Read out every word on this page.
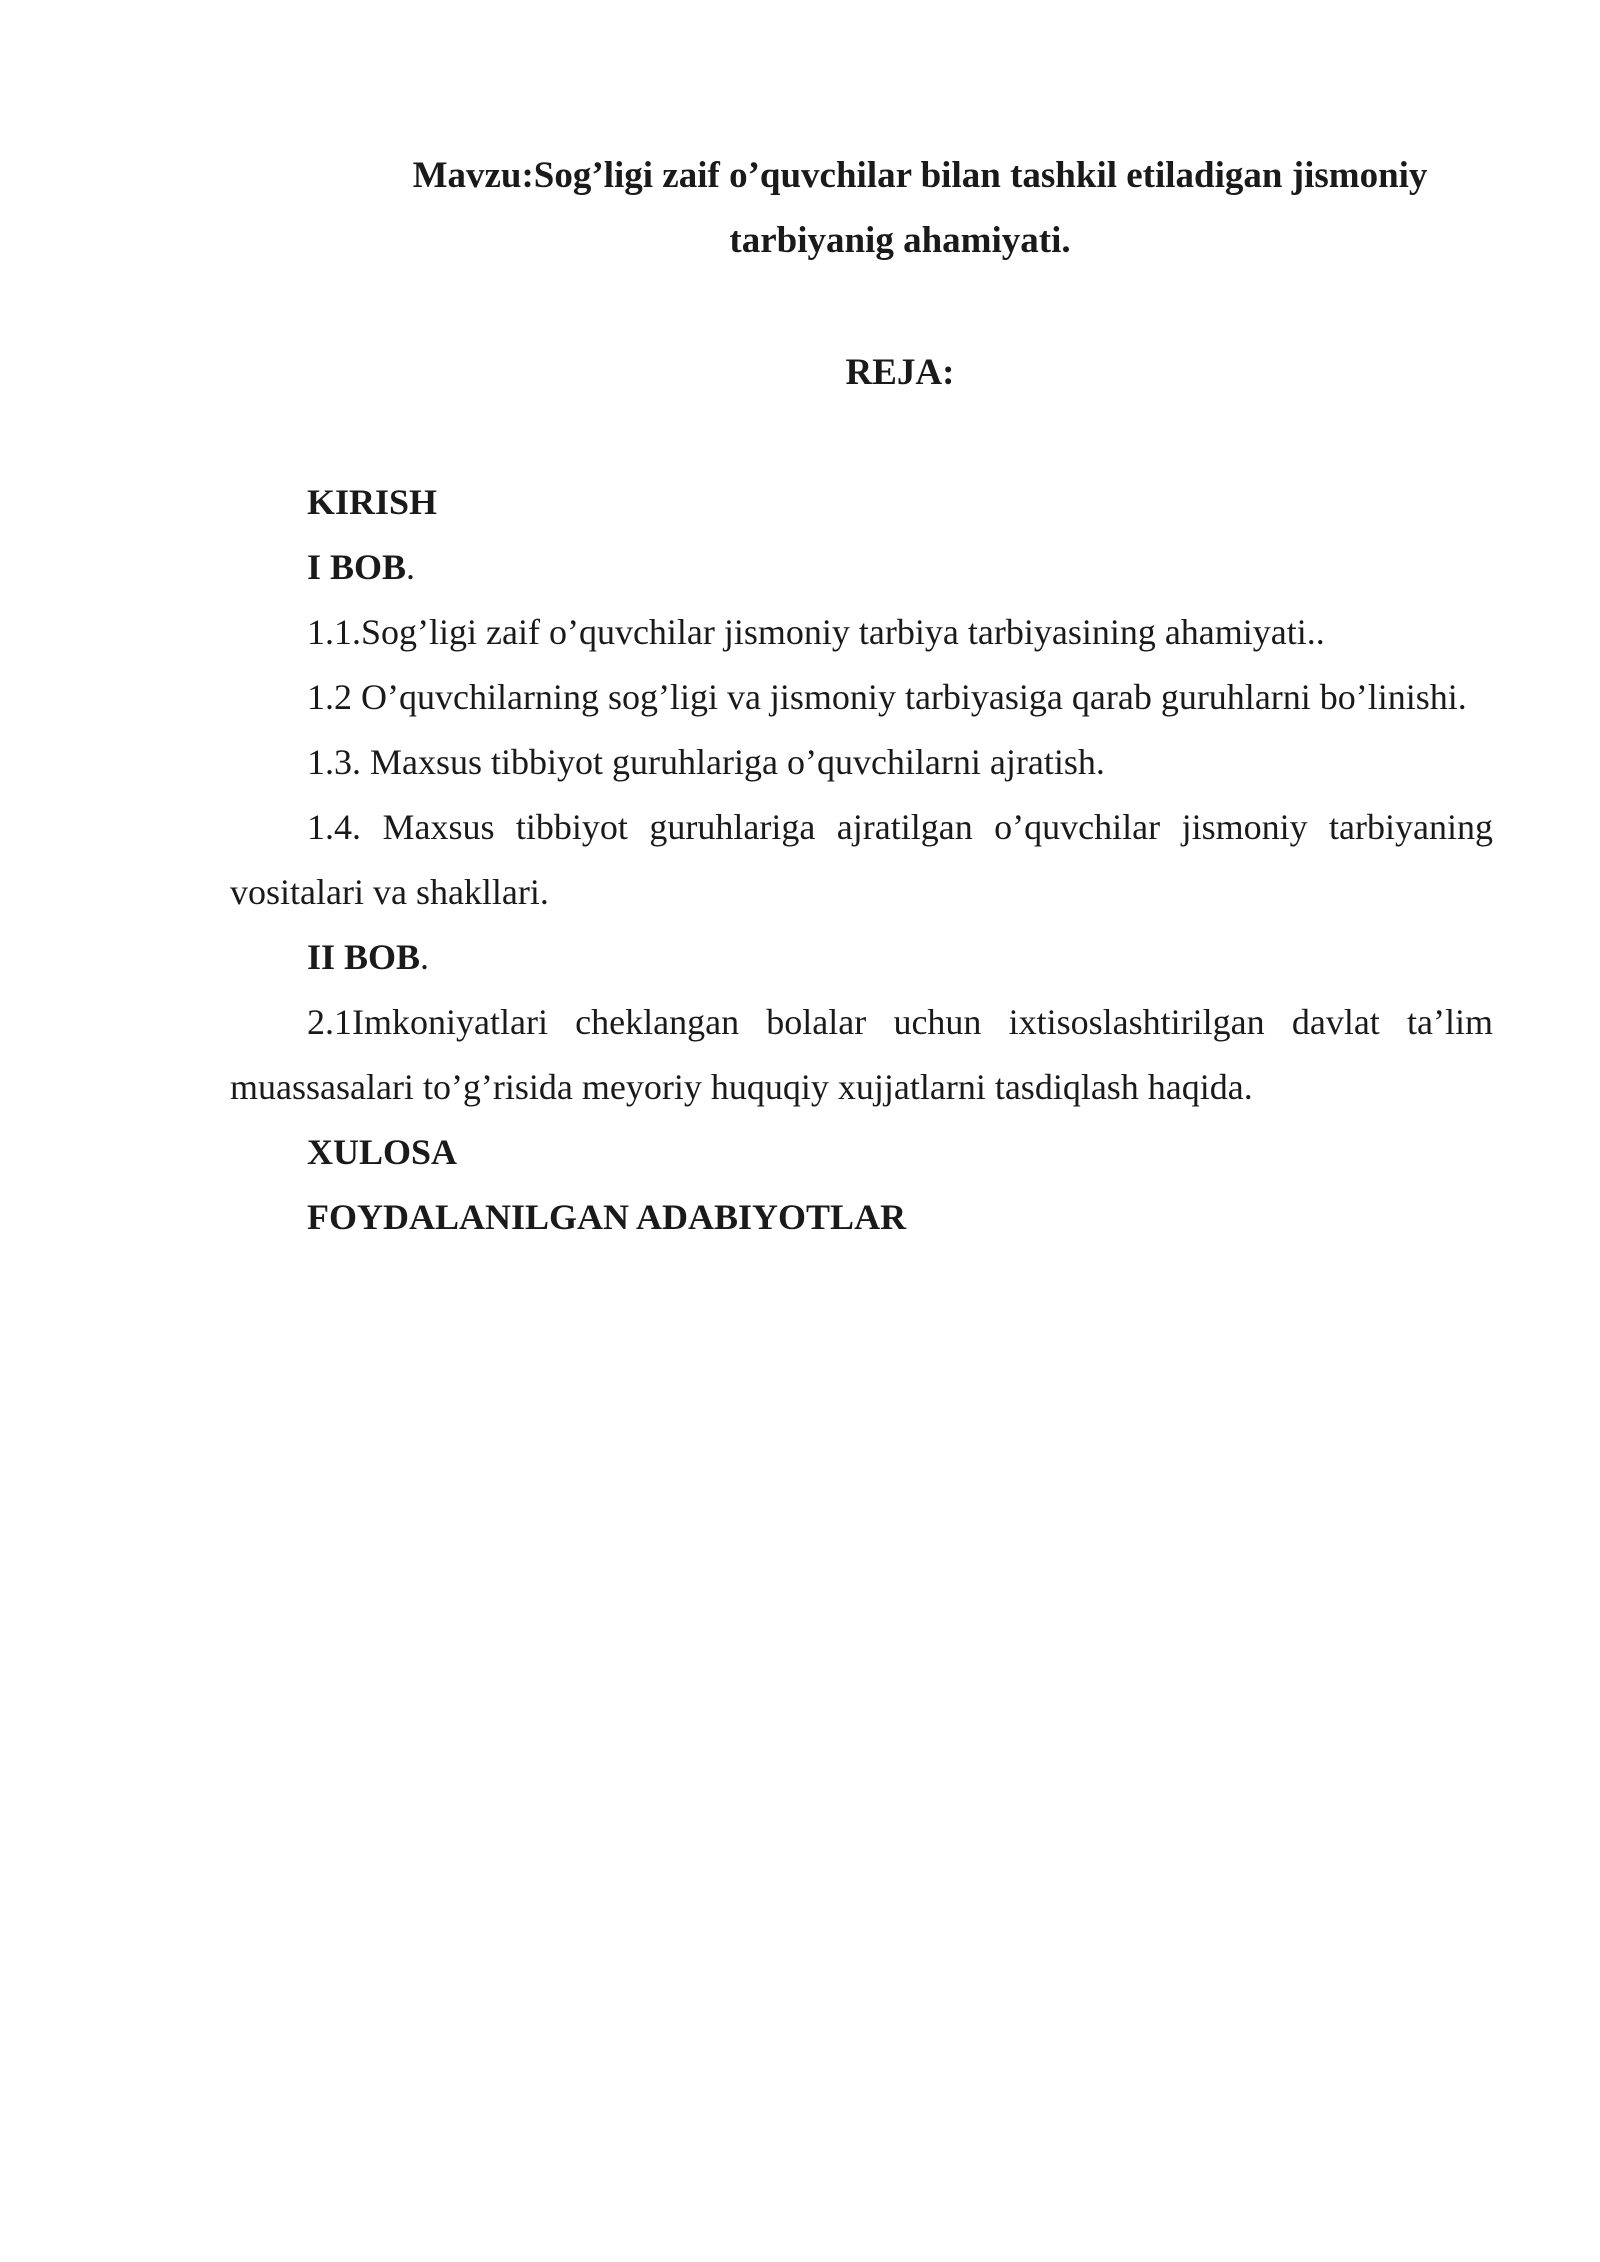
Mavzu:Sog’ligi zaif o’quvchilar bilan tashkil etiladigan jismoniy
tarbiyanig ahamiyati.
REJA:

KIRISH

I BOB.

1.1.Sog’ligi zaif o’quvchilar jismoniy tarbiya tarbiyasining ahamiyati..

1.2 O’quvchilarning sog’ligi va jismoniy tarbiyasiga qarab guruhlarni bo’linishi.

1.3. Maxsus tibbiyot guruhlariga o’quvchilarni ajratish.

1.4. Maxsus tibbiyot guruhlariga ajratilgan o’quvchilar jismoniy tarbiyaning vositalari va shakllari.

II BOB.

2.1Imkoniyatlari cheklangan bolalar uchun ixtisoslashtirilgan davlat ta’lim muassasalari to’g’risida meyoriy huquqiy xujjatlarni tasdiqlash haqida.

XULOSA

FOYDALANILGAN ADABIYOTLAR
